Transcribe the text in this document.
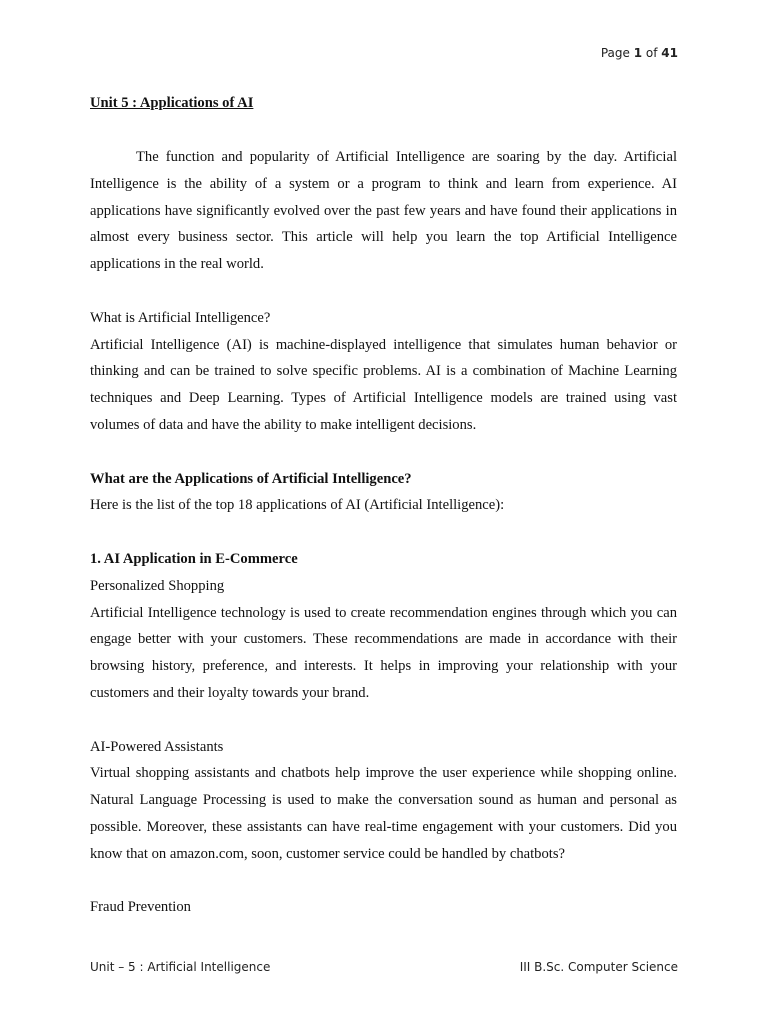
Page 1 of 41

Unit 5 : Applications of AI

The function and popularity of Artificial Intelligence are soaring by the day. Artificial Intelligence is the ability of a system or a program to think and learn from experience. AI applications have significantly evolved over the past few years and have found their applications in almost every business sector. This article will help you learn the top Artificial Intelligence applications in the real world.

What is Artificial Intelligence?

Artificial Intelligence (AI) is machine-displayed intelligence that simulates human behavior or thinking and can be trained to solve specific problems. AI is a combination of Machine Learning techniques and Deep Learning. Types of Artificial Intelligence models are trained using vast volumes of data and have the ability to make intelligent decisions.

What are the Applications of Artificial Intelligence?

Here is the list of the top 18 applications of AI (Artificial Intelligence):

1. AI Application in E-Commerce

Personalized Shopping

Artificial Intelligence technology is used to create recommendation engines through which you can engage better with your customers. These recommendations are made in accordance with their browsing history, preference, and interests. It helps in improving your relationship with your customers and their loyalty towards your brand.

AI-Powered Assistants

Virtual shopping assistants and chatbots help improve the user experience while shopping online. Natural Language Processing is used to make the conversation sound as human and personal as possible. Moreover, these assistants can have real-time engagement with your customers. Did you know that on amazon.com, soon, customer service could be handled by chatbots?

Fraud Prevention

Unit – 5 : Artificial Intelligence	III B.Sc. Computer Science
